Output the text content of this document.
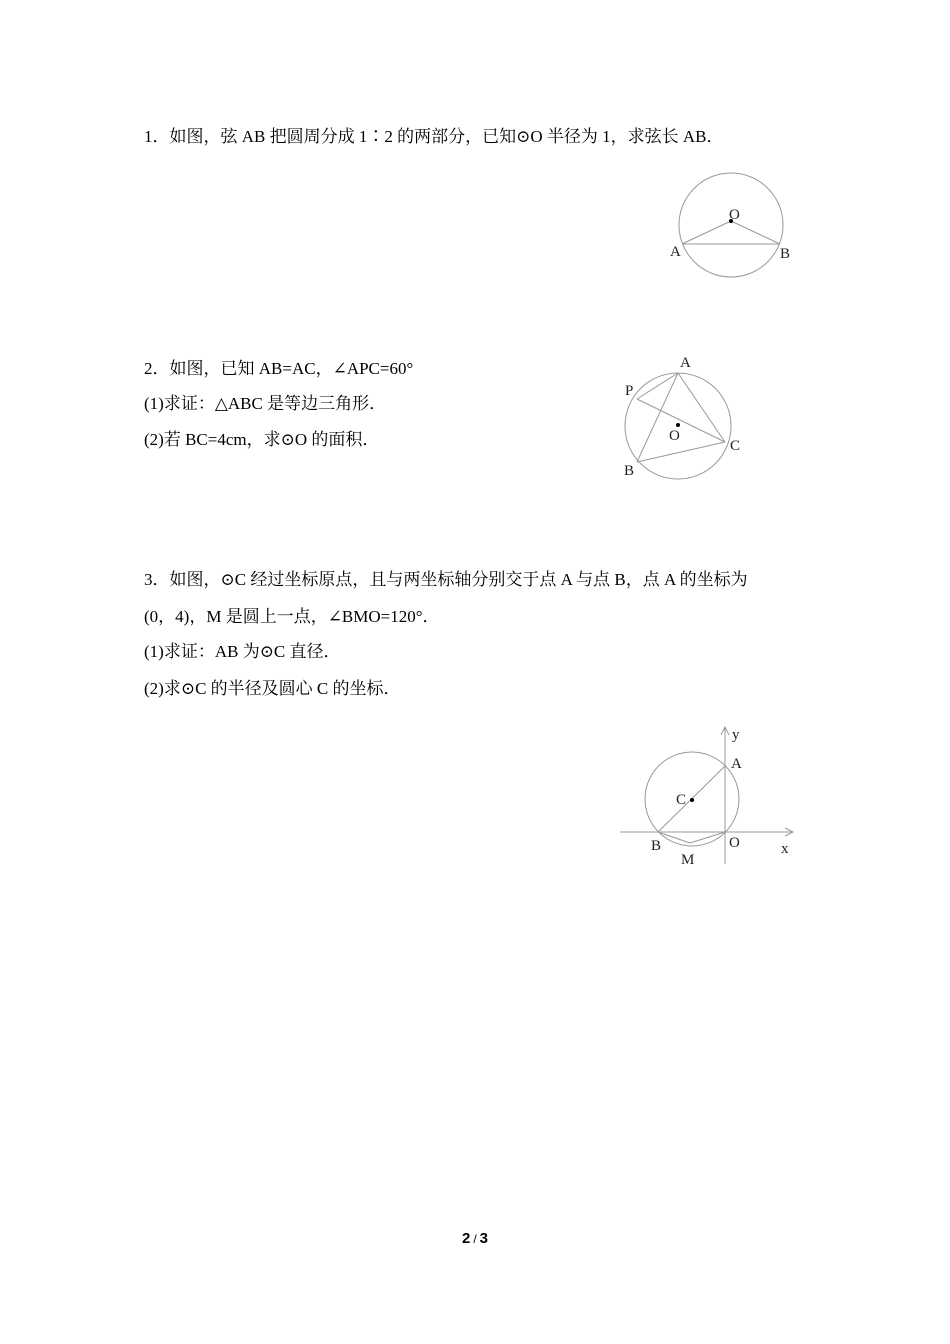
1．如图，弦 AB 把圆周分成 1∶2 的两部分，已知⊙O 半径为 1，求弦长 AB．
O
A	B
2．如图，已知 AB=AC，∠APC=60°
(1)求证：△ABC 是等边三角形．
(2)若 BC=4cm，求⊙O 的面积．
A
P
O
C
B
3．如图，⊙C 经过坐标原点，且与两坐标轴分别交于点 A 与点 B，点 A 的坐标为
(0，4)，M 是圆上一点，∠BMO=120°．
(1)求证：AB 为⊙C 直径．
(2)求⊙C 的半径及圆心 C 的坐标．
y
A
C
O	x
B
M
2 / 3
